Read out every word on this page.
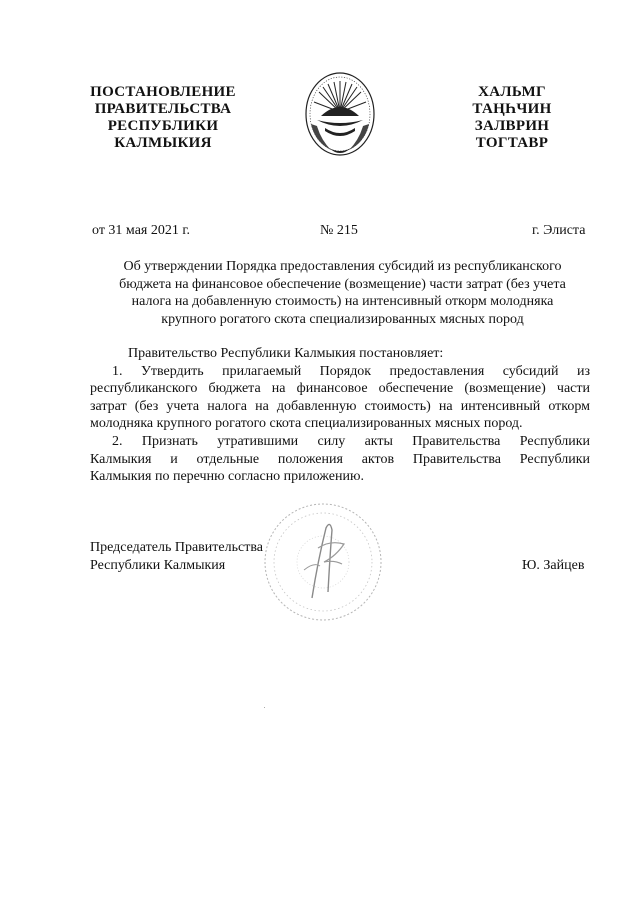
ПОСТАНОВЛЕНИЕ
ПРАВИТЕЛЬСТВА
РЕСПУБЛИКИ
КАЛМЫКИЯ
ХАЛЬМГ
ТАҢҺЧИН
ЗАЛВРИН
ТОГТАВР
от 31 мая 2021 г.	№ 215	г. Элиста
Об утверждении Порядка предоставления субсидий из республиканского
бюджета на финансовое обеспечение (возмещение) части затрат (без учета
налога на добавленную стоимость) на интенсивный откорм молодняка
крупного рогатого скота специализированных мясных пород
Правительство Республики Калмыкия постановляет:
1. Утвердить прилагаемый Порядок предоставления субсидий из
республиканского бюджета на финансовое обеспечение (возмещение) части
затрат (без учета налога на добавленную стоимость) на интенсивный откорм
молодняка крупного рогатого скота специализированных мясных пород.
2. Признать утратившими силу акты Правительства Республики
Калмыкия и отдельные положения актов Правительства Республики
Калмыкия по перечню согласно приложению.
Председатель Правительства
Республики Калмыкия	Ю. Зайцев
